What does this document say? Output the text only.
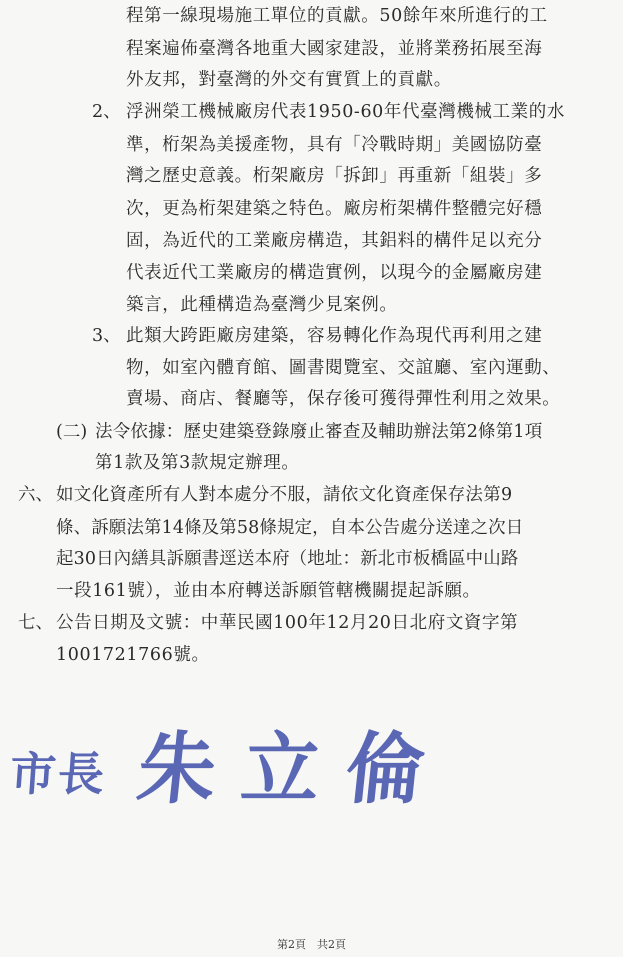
程第一線現場施工單位的貢獻。50餘年來所進行的工
程案遍佈臺灣各地重大國家建設，並將業務拓展至海
外友邦，對臺灣的外交有實質上的貢獻。
2、 浮洲榮工機械廠房代表1950-60年代臺灣機械工業的水
準，桁架為美援產物，具有「冷戰時期」美國協防臺
灣之歷史意義。桁架廠房「拆卸」再重新「組裝」多
次，更為桁架建築之特色。廠房桁架構件整體完好穩
固，為近代的工業廠房構造，其鋁料的構件足以充分
代表近代工業廠房的構造實例，以現今的金屬廠房建
築言，此種構造為臺灣少見案例。
3、 此類大跨距廠房建築，容易轉化作為現代再利用之建
物，如室內體育館、圖書閱覽室、交誼廳、室內運動、
賣場、商店、餐廳等，保存後可獲得彈性利用之效果。
(二) 法令依據：歷史建築登錄廢止審查及輔助辦法第2條第1項
第1款及第3款規定辦理。
六、 如文化資產所有人對本處分不服，請依文化資產保存法第9
條、訴願法第14條及第58條規定，自本公告處分送達之次日
起30日內繕具訴願書逕送本府（地址：新北市板橋區中山路
一段161號），並由本府轉送訴願管轄機關提起訴願。
七、 公告日期及文號：中華民國100年12月20日北府文資字第
1001721766號。
市長 朱立倫
第2頁　共2頁
